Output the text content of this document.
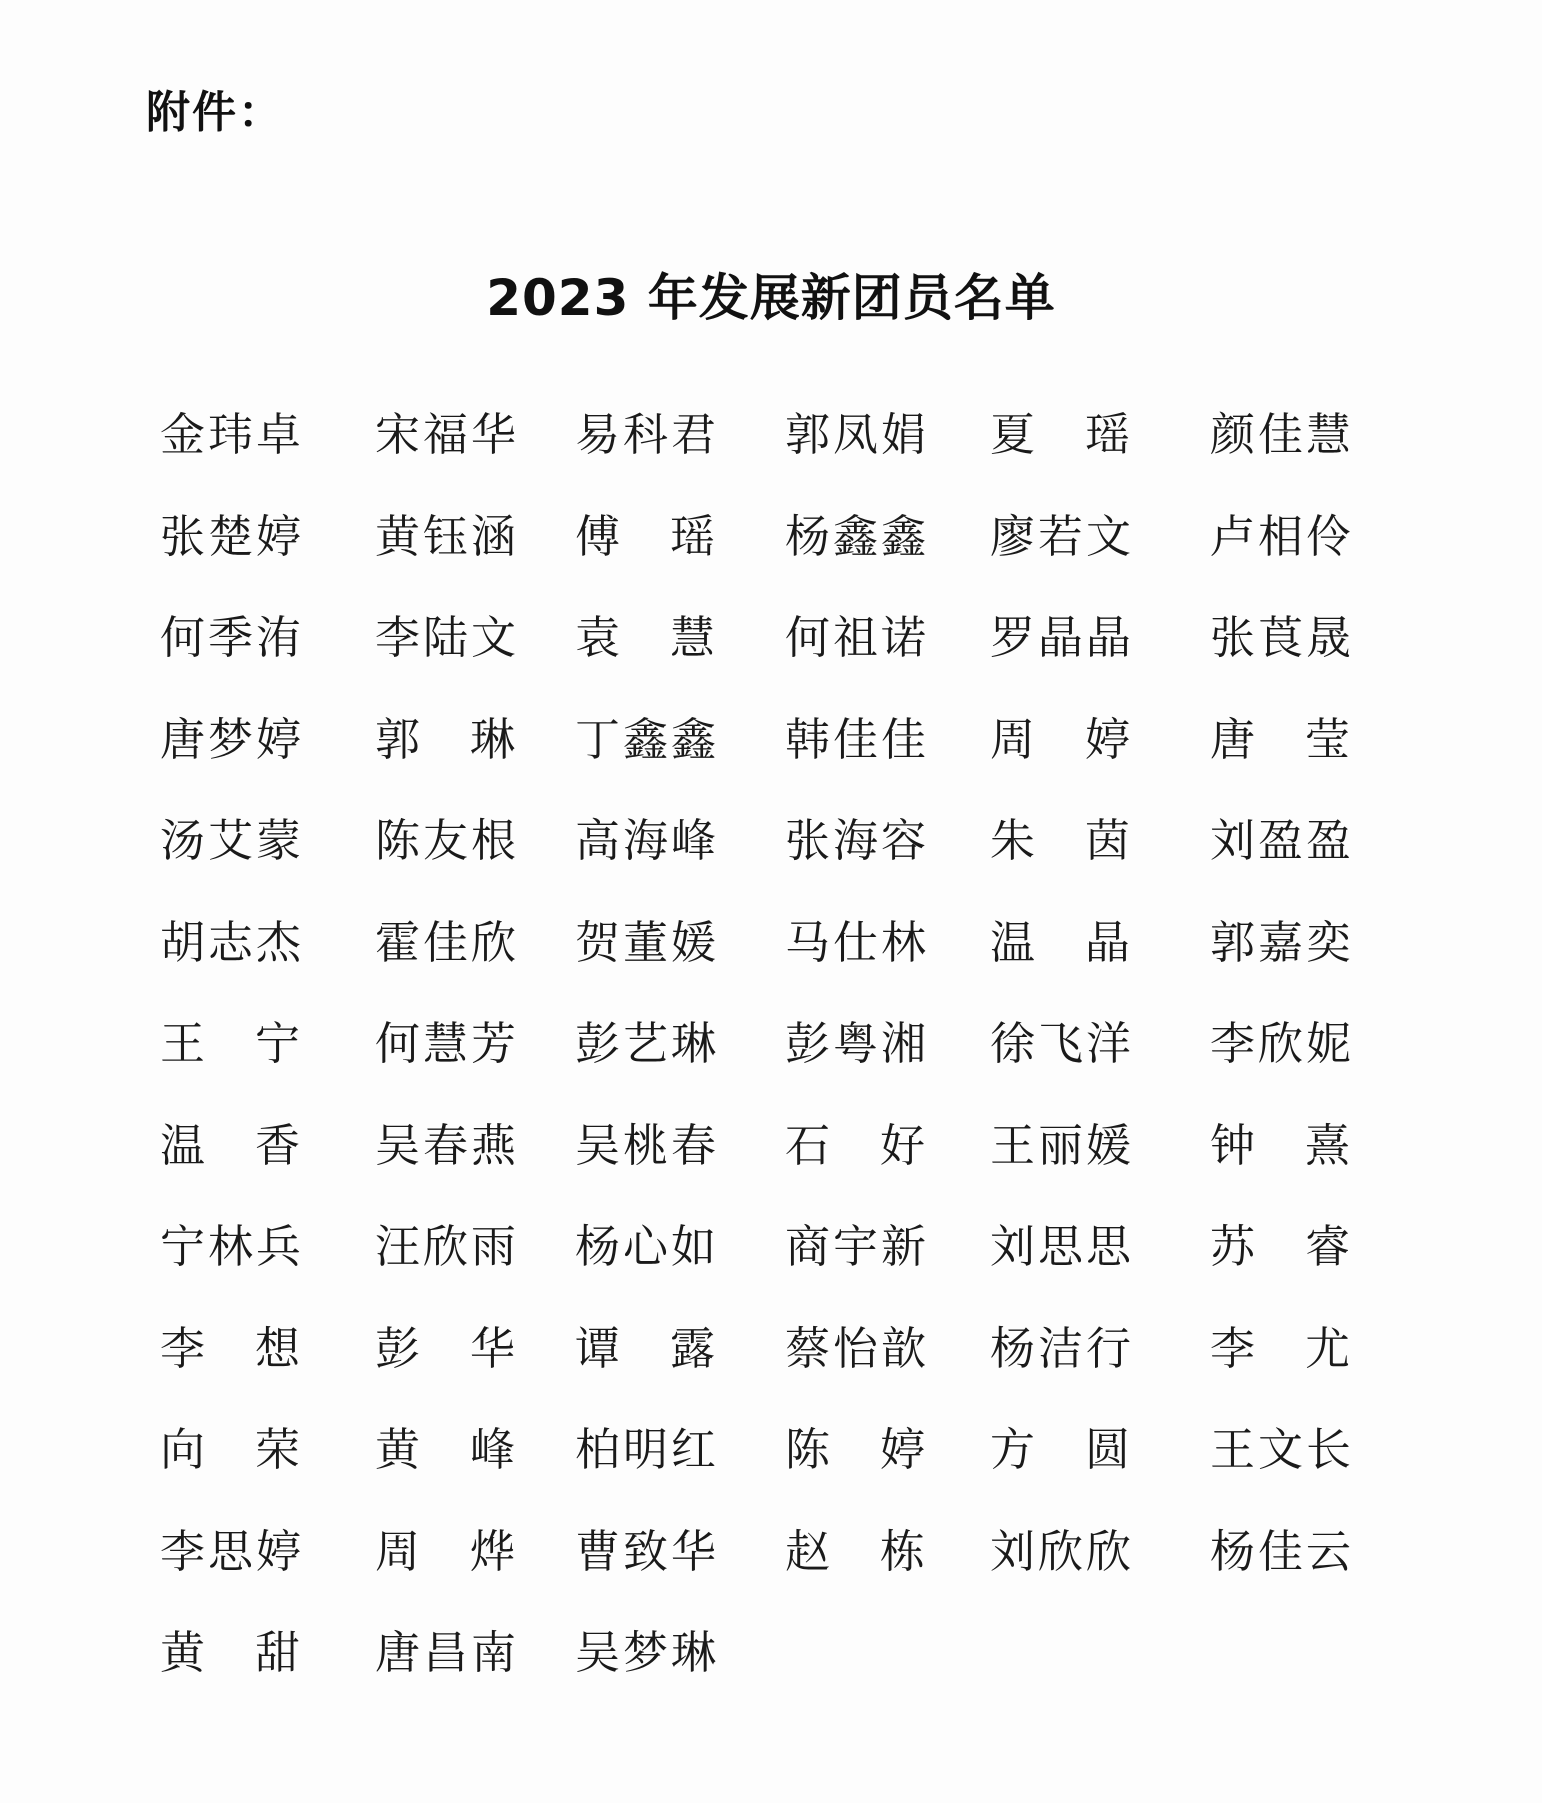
附件：
2023 年发展新团员名单
金玮卓 宋福华 易科君 郭凤娟 夏 瑶 颜佳慧
张楚婷 黄钰涵 傅 瑶 杨鑫鑫 廖若文 卢相伶
何季洧 李陆文 袁 慧 何祖诺 罗晶晶 张莨晟
唐梦婷 郭 琳 丁鑫鑫 韩佳佳 周 婷 唐 莹
汤艾蒙 陈友根 高海峰 张海容 朱 茵 刘盈盈
胡志杰 霍佳欣 贺董媛 马仕林 温 晶 郭嘉奕
王 宁 何慧芳 彭艺琳 彭粤湘 徐飞洋 李欣妮
温 香 吴春燕 吴桃春 石 好 王丽媛 钟 熹
宁林兵 汪欣雨 杨心如 商宇新 刘思思 苏 睿
李 想 彭 华 谭 露 蔡怡歆 杨洁行 李 尤
向 荣 黄 峰 柏明红 陈 婷 方 圆 王文长
李思婷 周 烨 曹致华 赵 栋 刘欣欣 杨佳云
黄 甜 唐昌南 吴梦琳
